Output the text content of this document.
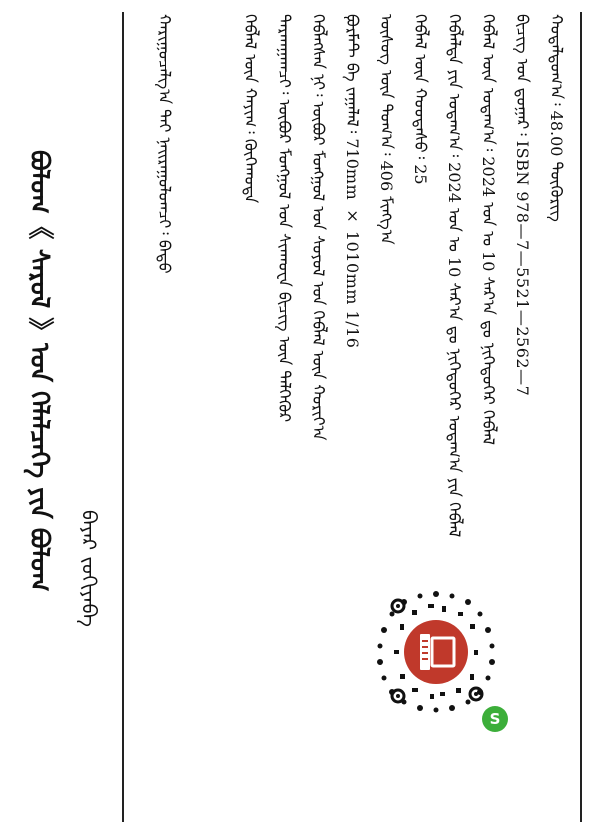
ᠬᠤᠳᠠᠯᠳᠤᠭ᠎ᠠ᠄ 48.00 ᠲᠥᠭᠦᠷᠢᠭ
ᠪᠢᠴᠢᠭ ᠤᠨ ᠳ᠋ᠤᠭᠠᠷ᠄ ISBN 978—7—5521—2562—7
ᠬᠡᠪᠯᠡᠯ ᠦᠨ ᠤᠳᠠᠭ᠎ᠠ᠄ 2024 ᠣᠨ ᠤ 10 ᠰᠠᠷ᠎ᠠ ᠳᠤ ᠨᠢᠭᠡᠳᠦᠭᠡᠷ ᠬᠡᠪᠯᠡᠯ
ᠬᠡᠪᠯᠡᠯᠲᠡ ᠶᠢᠨ ᠤᠳᠠᠭ᠎ᠠ᠄ 2024 ᠣᠨ ᠤ 10 ᠰᠠᠷ᠎ᠠ ᠳᠤ ᠨᠢᠭᠡᠳᠦᠭᠡᠷ ᠤᠳᠠᠭ᠎ᠠ ᠶᠢᠨ ᠬᠡᠪᠯᠡᠯ
ᠬᠡᠪᠯᠡᠯ ᠦᠨ ᠬᠤᠤᠳᠠᠰᠤ᠄ 25
ᠦᠰᠦᠭ ᠦᠨ ᠲᠣᠭ᠎ᠠ᠄ 406 ᠮᠢᠩᠭ᠎ᠠ
ᠹᠣᠷᠮᠠᠲ ᠪᠠ ᠵᠠᠭᠠᠯᠠᠯ᠄ 710mm × 1010mm 1/16
ᠬᠡᠪᠯᠡᠭᠰᠡᠨ ᠨᠢ᠄ ᠥᠪᠦᠷ ᠮᠣᠩᠭᠣᠯ ᠤᠨ ᠰᠣᠶᠣᠯ ᠤᠨ ᠬᠡᠪᠯᠡᠯ ᠦᠨ ᠬᠣᠷᠢᠶ᠎ᠠ
ᠲᠠᠷᠬᠠᠭᠠᠭᠴᠢ᠄ ᠥᠪᠦᠷ ᠮᠣᠩᠭᠣᠯ ᠤᠨ ᠰᠢᠨᠬᠤᠸᠠ ᠪᠢᠴᠢᠭ ᠦᠨ ᠳᠡᠯᠭᠡᠭᠦᠷ
ᠬᠡᠪᠯᠡᠯ ᠦᠨ ᠬᠠᠶᠢᠭ᠄ ᠬᠥᠬᠡᠬᠣᠲᠠ
ᠬᠠᠷᠢᠭᠤᠴᠠᠯᠭ᠎ᠠ ᠲᠠᠢ ᠨᠠᠢᠷᠠᠭᠤᠯᠤᠭᠴᠢ᠄ ᠪᠠᠲᠤ
S
ᠪᠤᠯᠤᠭ《 ᠰᠠᠷᠤᠯ 》ᠤᠨ ᠬᠡᠯᠡᠯᠴᠡᠭᠡ ᠶᠢᠨ ᠪᠤᠯᠤᠭ	ᠪᠠᠶᠠᠷ ᠵᠣᠬᠢᠶᠠᠪᠠ
